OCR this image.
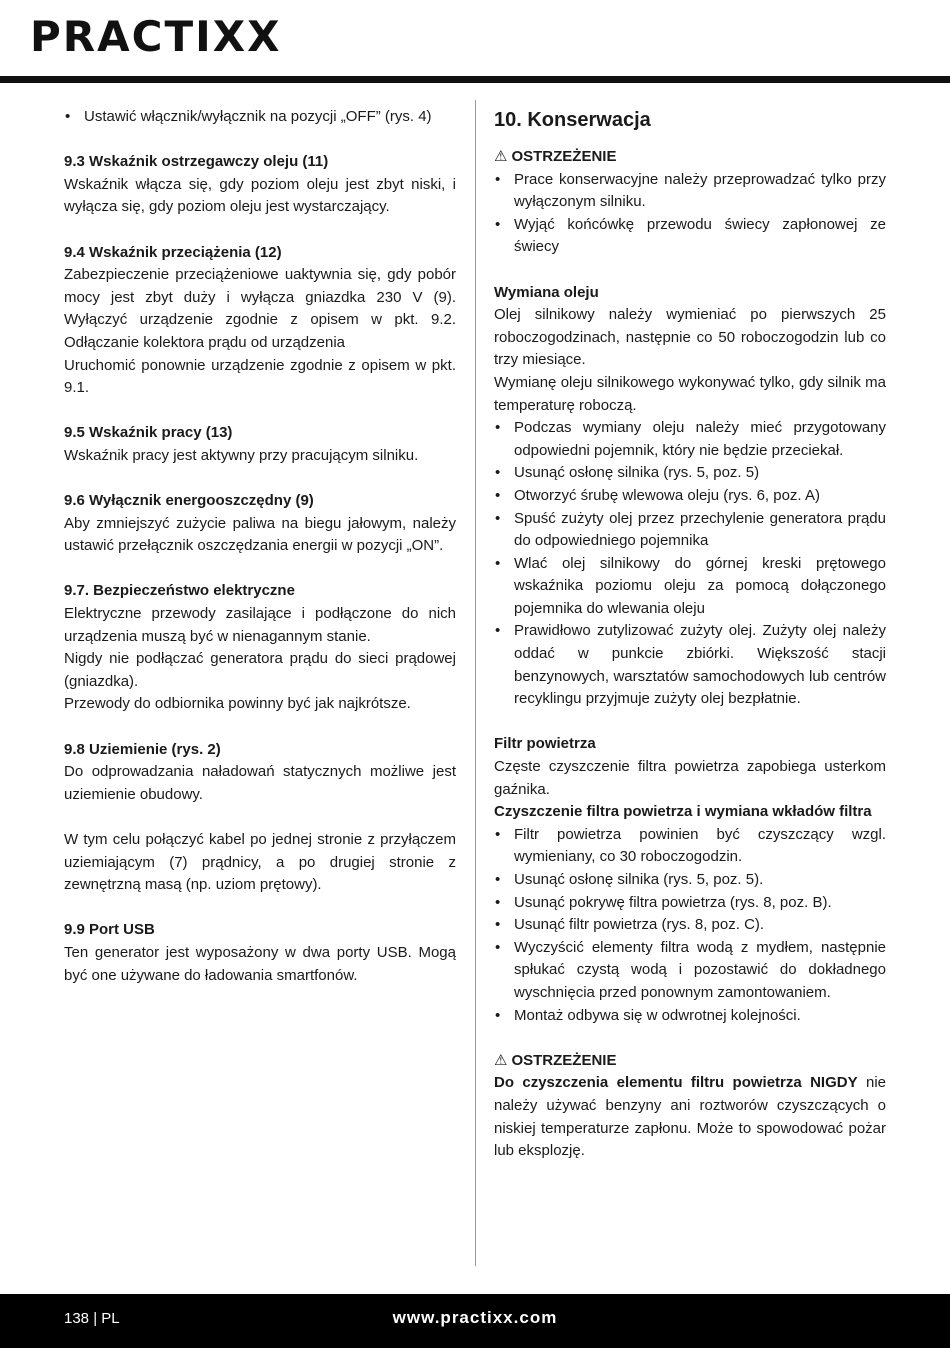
PRACTIXX
• Ustawić włącznik/wyłącznik na pozycji „OFF” (rys. 4)

9.3 Wskaźnik ostrzegawczy oleju (11)

Wskaźnik włącza się, gdy poziom oleju jest zbyt niski, i wyłącza się, gdy poziom oleju jest wystarczający.

9.4 Wskaźnik przeciążenia (12)

Zabezpieczenie przeciążeniowe uaktywnia się, gdy pobór mocy jest zbyt duży i wyłącza gniazdka 230 V (9). Wyłączyć urządzenie zgodnie z opisem w pkt. 9.2. Odłączanie kolektora prądu od urządzenia

Uruchomić ponownie urządzenie zgodnie z opisem w pkt. 9.1.

9.5 Wskaźnik pracy (13)

Wskaźnik pracy jest aktywny przy pracującym silniku.

9.6 Wyłącznik energooszczędny (9)

Aby zmniejszyć zużycie paliwa na biegu jałowym, należy ustawić przełącznik oszczędzania energii w pozycji „ON”.

9.7. Bezpieczeństwo elektryczne

Elektryczne przewody zasilające i podłączone do nich urządzenia muszą być w nienagannym stanie.

Nigdy nie podłączać generatora prądu do sieci prądowej (gniazdka).

Przewody do odbiornika powinny być jak najkrótsze.

9.8 Uziemienie (rys. 2)

Do odprowadzania naładowań statycznych możliwe jest uziemienie obudowy.

W tym celu połączyć kabel po jednej stronie z przyłączem uziemiającym (7) prądnicy, a po drugiej stronie z zewnętrzną masą (np. uziom prętowy).

9.9 Port USB

Ten generator jest wyposażony w dwa porty USB. Mogą być one używane do ładowania smartfonów.

10. Konserwacja

⚠ OSTRZEŻENIE

• Prace konserwacyjne należy przeprowadzać tylko przy wyłączonym silniku.
• Wyjąć końcówkę przewodu świecy zapłonowej ze świecy

Wymiana oleju

Olej silnikowy należy wymieniać po pierwszych 25 roboczogodzinach, następnie co 50 roboczogodzin lub co trzy miesiące.

Wymianę oleju silnikowego wykonywać tylko, gdy silnik ma temperaturę roboczą.

• Podczas wymiany oleju należy mieć przygotowany odpowiedni pojemnik, który nie będzie przeciekał.
• Usunąć osłonę silnika (rys. 5, poz. 5)
• Otworzyć śrubę wlewowa oleju (rys. 6, poz. A)
• Spuść zużyty olej przez przechylenie generatora prądu do odpowiedniego pojemnika
• Wlać olej silnikowy do górnej kreski prętowego wskaźnika poziomu oleju za pomocą dołączonego pojemnika do wlewania oleju
• Prawidłowo zutylizować zużyty olej. Zużyty olej należy oddać w punkcie zbiórki. Większość stacji benzynowych, warsztatów samochodowych lub centrów recyklingu przyjmuje zużyty olej bezpłatnie.

Filtr powietrza

Częste czyszczenie filtra powietrza zapobiega usterkom gaźnika.

Czyszczenie filtra powietrza i wymiana wkładów filtra

• Filtr powietrza powinien być czyszczący wzgl. wymieniany, co 30 roboczogodzin.
• Usunąć osłonę silnika (rys. 5, poz. 5).
• Usunąć pokrywę filtra powietrza (rys. 8, poz. B).
• Usunąć filtr powietrza (rys. 8, poz. C).
• Wyczyścić elementy filtra wodą z mydłem, następnie spłukać czystą wodą i pozostawić do dokładnego wyschnięcia przed ponownym zamontowaniem.
• Montaż odbywa się w odwrotnej kolejności.

⚠ OSTRZEŻENIE

Do czyszczenia elementu filtru powietrza NIGDY nie należy używać benzyny ani roztworów czyszczących o niskiej temperaturze zapłonu. Może to spowodować pożar lub eksplozję.

138 | PL	www.practixx.com
